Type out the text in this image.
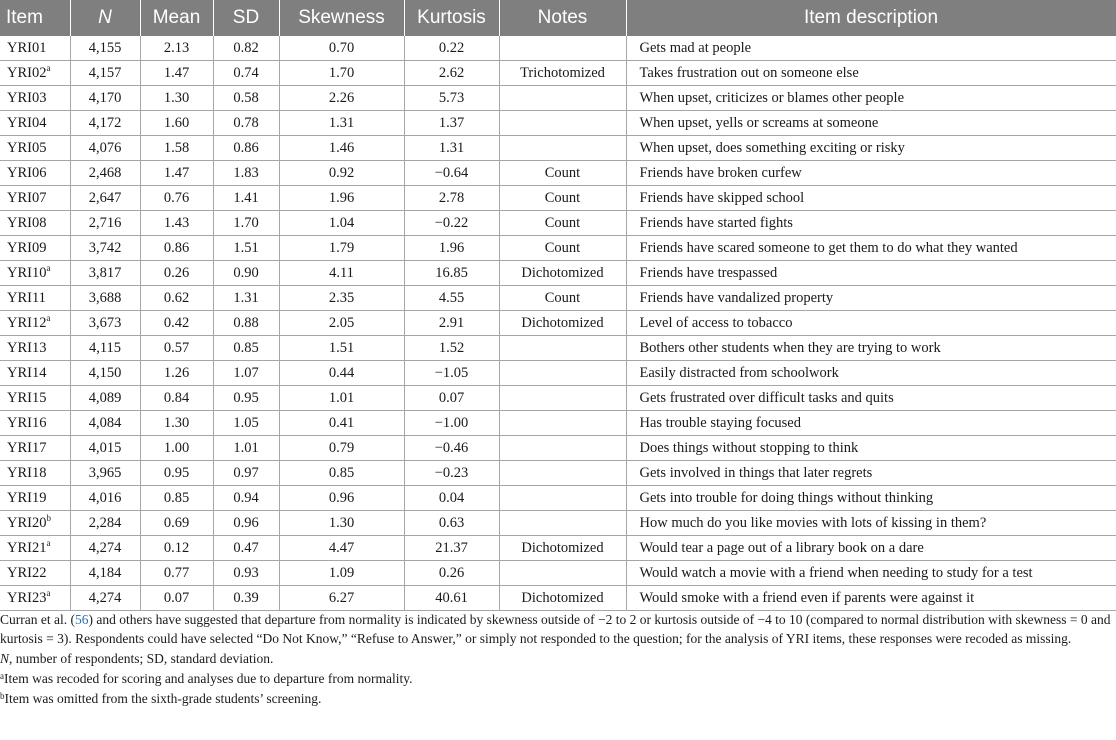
Item	N	Mean	SD	Skewness	Kurtosis	Notes	Item description
YRI01	4,155	2.13	0.82	0.70	0.22		Gets mad at people
YRI02$^a$	4,157	1.47	0.74	1.70	2.62	Trichotomized	Takes frustration out on someone else
YRI03	4,170	1.30	0.58	2.26	5.73		When upset, criticizes or blames other people
YRI04	4,172	1.60	0.78	1.31	1.37		When upset, yells or screams at someone
YRI05	4,076	1.58	0.86	1.46	1.31		When upset, does something exciting or risky
YRI06	2,468	1.47	1.83	0.92	−0.64	Count	Friends have broken curfew
YRI07	2,647	0.76	1.41	1.96	2.78	Count	Friends have skipped school
YRI08	2,716	1.43	1.70	1.04	−0.22	Count	Friends have started fights
YRI09	3,742	0.86	1.51	1.79	1.96	Count	Friends have scared someone to get them to do what they wanted
YRI10$^a$	3,817	0.26	0.90	4.11	16.85	Dichotomized	Friends have trespassed
YRI11	3,688	0.62	1.31	2.35	4.55	Count	Friends have vandalized property
YRI12$^a$	3,673	0.42	0.88	2.05	2.91	Dichotomized	Level of access to tobacco
YRI13	4,115	0.57	0.85	1.51	1.52		Bothers other students when they are trying to work
YRI14	4,150	1.26	1.07	0.44	−1.05		Easily distracted from schoolwork
YRI15	4,089	0.84	0.95	1.01	0.07		Gets frustrated over difficult tasks and quits
YRI16	4,084	1.30	1.05	0.41	−1.00		Has trouble staying focused
YRI17	4,015	1.00	1.01	0.79	−0.46		Does things without stopping to think
YRI18	3,965	0.95	0.97	0.85	−0.23		Gets involved in things that later regrets
YRI19	4,016	0.85	0.94	0.96	0.04		Gets into trouble for doing things without thinking
YRI20$^b$	2,284	0.69	0.96	1.30	0.63		How much do you like movies with lots of kissing in them?
YRI21$^a$	4,274	0.12	0.47	4.47	21.37	Dichotomized	Would tear a page out of a library book on a dare
YRI22	4,184	0.77	0.93	1.09	0.26		Would watch a movie with a friend when needing to study for a test
YRI23$^a$	4,274	0.07	0.39	6.27	40.61	Dichotomized	Would smoke with a friend even if parents were against it

Curran et al. (56) and others have suggested that departure from normality is indicated by skewness outside of −2 to 2 or kurtosis outside of −4 to 10 (compared to normal distribution with skewness = 0 and kurtosis = 3). Respondents could have selected “Do Not Know,” “Refuse to Answer,” or simply not responded to the question; for the analysis of YRI items, these responses were recoded as missing.

N, number of respondents; SD, standard deviation.

$^a$Item was recoded for scoring and analyses due to departure from normality.

$^b$Item was omitted from the sixth-grade students’ screening.
